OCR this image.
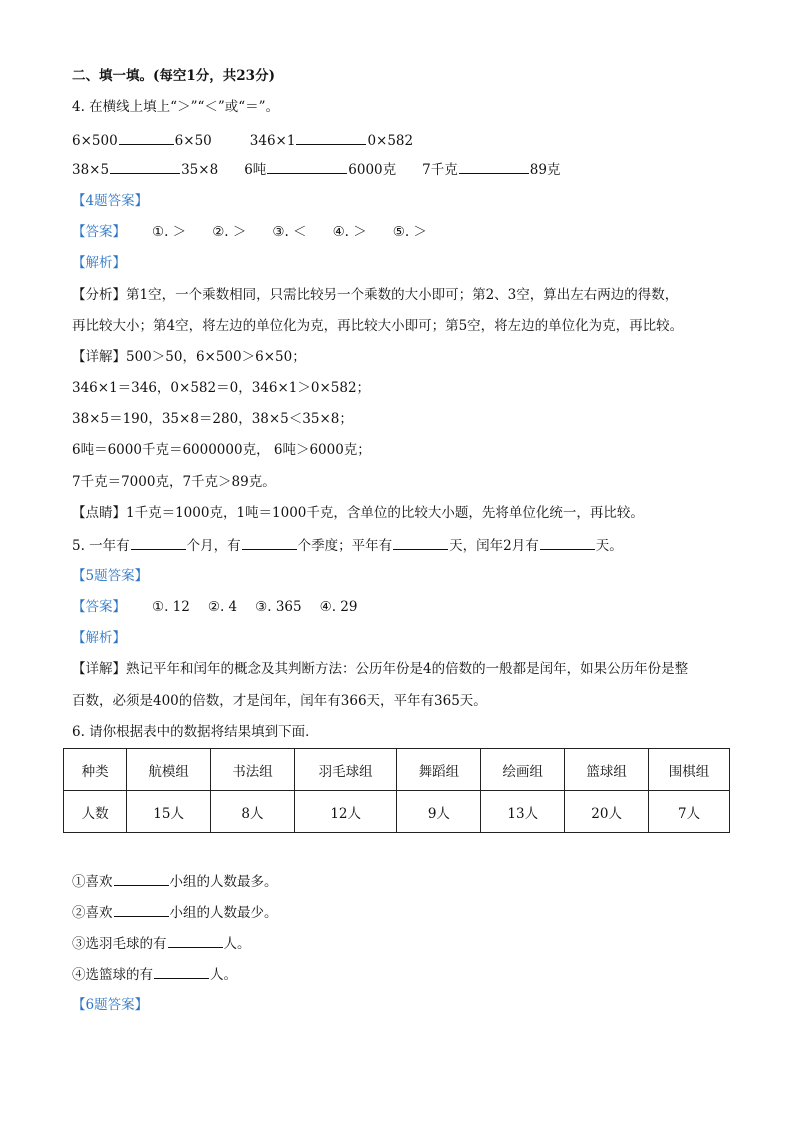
二、填一填。(每空1分，共23分)
4. 在横线上填上“＞”“＜”或“＝”。
6×500	6×50	346×1	0×582
38×5	35×8 6吨	6000克 7千克	89克
【4题答案】
【答案】 ①. ＞ ②. ＞ ③. ＜ ④. ＞ ⑤. ＞
【解析】
【分析】第1空，一个乘数相同，只需比较另一个乘数的大小即可；第2、3空，算出左右两边的得数，
再比较大小；第4空，将左边的单位化为克，再比较大小即可；第5空，将左边的单位化为克，再比较。
【详解】500＞50，6×500＞6×50；
346×1＝346，0×582＝0，346×1＞0×582；
38×5＝190，35×8＝280，38×5＜35×8；
6吨＝6000千克＝6000000克， 6吨＞6000克；
7千克＝7000克，7千克＞89克。
【点睛】1千克＝1000克，1吨＝1000千克，含单位的比较大小题，先将单位化统一，再比较。
5. 一年有	个月，有	个季度；平年有	天，闰年2月有	天。
【5题答案】
【答案】 ①. 12 ②. 4 ③. 365 ④. 29
【解析】
【详解】熟记平年和闰年的概念及其判断方法：公历年份是4的倍数的一般都是闰年，如果公历年份是整
百数，必须是400的倍数，才是闰年，闰年有366天，平年有365天。
6. 请你根据表中的数据将结果填到下面．
种类	航模组	书法组	羽毛球组	舞蹈组	绘画组	篮球组	围棋组
人数	15人	8人	12人	9人	13人	20人	7人
①喜欢	小组的人数最多。
②喜欢	小组的人数最少。
③选羽毛球的有	人。
④选篮球的有	人。
【6题答案】
